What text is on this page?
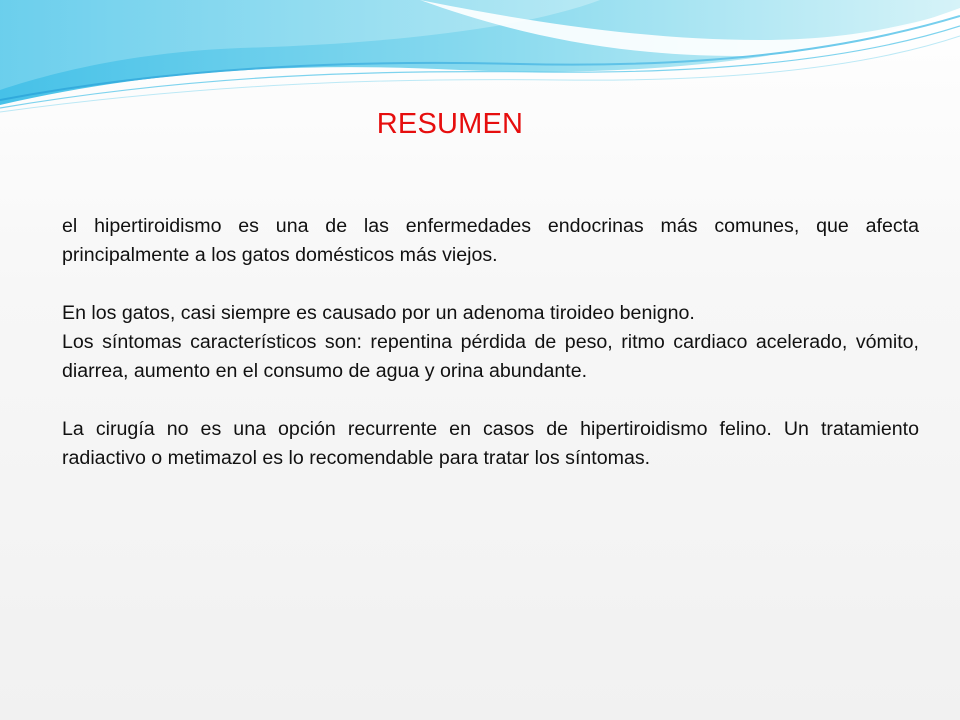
RESUMEN

el hipertiroidismo es una de las enfermedades endocrinas más comunes, que afecta principalmente a los gatos domésticos más viejos.

En los gatos, casi siempre es causado por un adenoma tiroideo benigno.

Los síntomas característicos son: repentina pérdida de peso, ritmo cardiaco acelerado, vómito, diarrea, aumento en el consumo de agua y orina abundante.

La cirugía no es una opción recurrente en casos de hipertiroidismo felino. Un tratamiento radiactivo o metimazol es lo recomendable para tratar los síntomas.
